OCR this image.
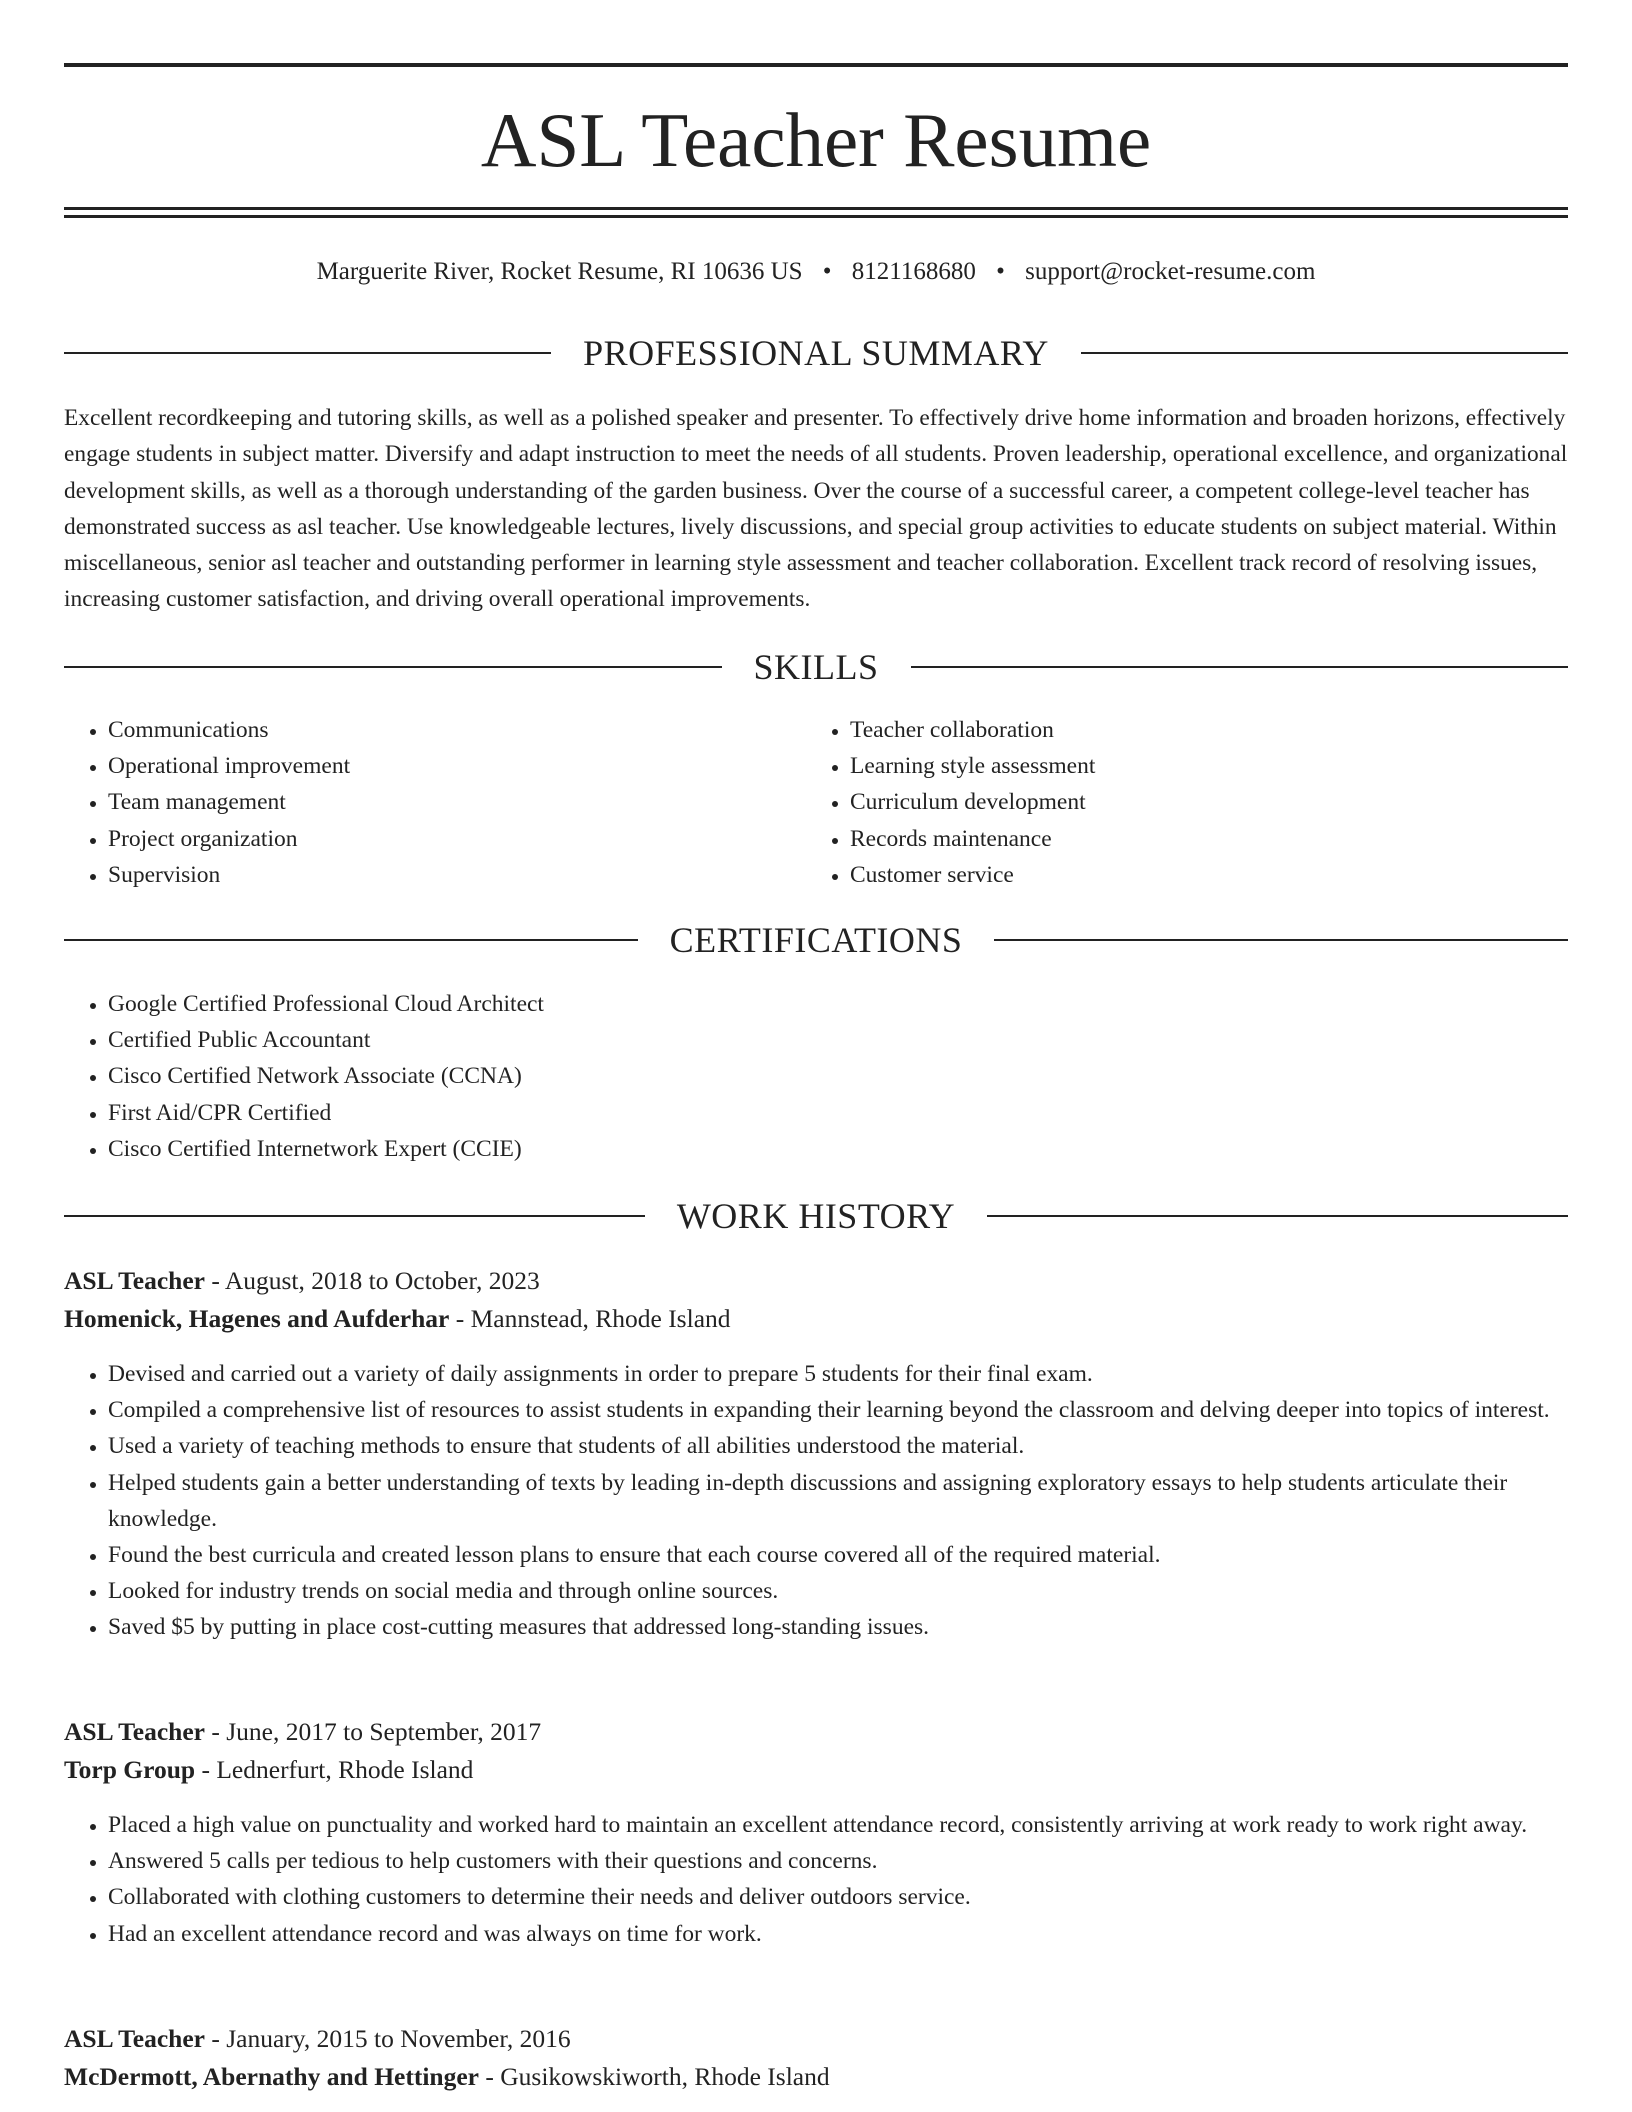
ASL Teacher Resume
Marguerite River, Rocket Resume, RI 10636 US • 8121168680 • support@rocket-resume.com
PROFESSIONAL SUMMARY

Excellent recordkeeping and tutoring skills, as well as a polished speaker and presenter. To effectively drive home information and broaden horizons, effectively engage students in subject matter. Diversify and adapt instruction to meet the needs of all students. Proven leadership, operational excellence, and organizational development skills, as well as a thorough understanding of the garden business. Over the course of a successful career, a competent college-level teacher has demonstrated success as asl teacher. Use knowledgeable lectures, lively discussions, and special group activities to educate students on subject material. Within miscellaneous, senior asl teacher and outstanding performer in learning style assessment and teacher collaboration. Excellent track record of resolving issues, increasing customer satisfaction, and driving overall operational improvements.

SKILLS
• Communications
• Operational improvement
• Team management
• Project organization
• Supervision
• Teacher collaboration
• Learning style assessment
• Curriculum development
• Records maintenance
• Customer service
CERTIFICATIONS
• Google Certified Professional Cloud Architect
• Certified Public Accountant
• Cisco Certified Network Associate (CCNA)
• First Aid/CPR Certified
• Cisco Certified Internetwork Expert (CCIE)
WORK HISTORY
ASL Teacher - August, 2018 to October, 2023
Homenick, Hagenes and Aufderhar - Mannstead, Rhode Island
• Devised and carried out a variety of daily assignments in order to prepare 5 students for their final exam.
• Compiled a comprehensive list of resources to assist students in expanding their learning beyond the classroom and delving deeper into topics of interest.
• Used a variety of teaching methods to ensure that students of all abilities understood the material.
• Helped students gain a better understanding of texts by leading in-depth discussions and assigning exploratory essays to help students articulate their knowledge.
• Found the best curricula and created lesson plans to ensure that each course covered all of the required material.
• Looked for industry trends on social media and through online sources.
• Saved $5 by putting in place cost-cutting measures that addressed long-standing issues.
ASL Teacher - June, 2017 to September, 2017
Torp Group - Lednerfurt, Rhode Island
• Placed a high value on punctuality and worked hard to maintain an excellent attendance record, consistently arriving at work ready to work right away.
• Answered 5 calls per tedious to help customers with their questions and concerns.
• Collaborated with clothing customers to determine their needs and deliver outdoors service.
• Had an excellent attendance record and was always on time for work.
ASL Teacher - January, 2015 to November, 2016
McDermott, Abernathy and Hettinger - Gusikowskiworth, Rhode Island
